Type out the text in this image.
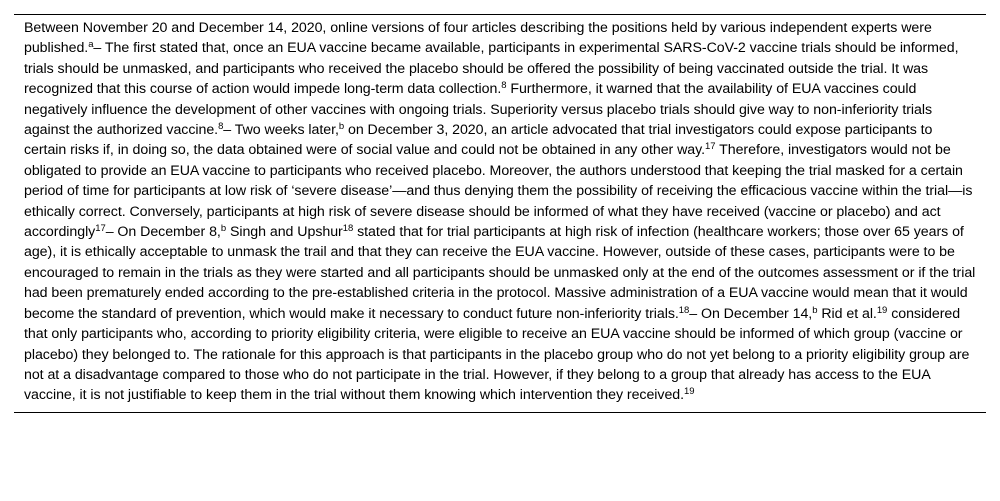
Between November 20 and December 14, 2020, online versions of four articles describing the positions held by various independent experts were published.$^a$– The first stated that, once an EUA vaccine became available, participants in experimental SARS-CoV-2 vaccine trials should be informed, trials should be unmasked, and participants who received the placebo should be offered the possibility of being vaccinated outside the trial. It was recognized that this course of action would impede long-term data collection.$^8$ Furthermore, it warned that the availability of EUA vaccines could negatively influence the development of other vaccines with ongoing trials. Superiority versus placebo trials should give way to non-inferiority trials against the authorized vaccine.$^8$– Two weeks later,$^b$ on December 3, 2020, an article advocated that trial investigators could expose participants to certain risks if, in doing so, the data obtained were of social value and could not be obtained in any other way.$^{17}$ Therefore, investigators would not be obligated to provide an EUA vaccine to participants who received placebo. Moreover, the authors understood that keeping the trial masked for a certain period of time for participants at low risk of ‘severe disease’—and thus denying them the possibility of receiving the efficacious vaccine within the trial—is ethically correct. Conversely, participants at high risk of severe disease should be informed of what they have received (vaccine or placebo) and act accordingly$^{17}$– On December 8,$^b$ Singh and Upshur$^{18}$ stated that for trial participants at high risk of infection (healthcare workers; those over 65 years of age), it is ethically acceptable to unmask the trail and that they can receive the EUA vaccine. However, outside of these cases, participants were to be encouraged to remain in the trials as they were started and all participants should be unmasked only at the end of the outcomes assessment or if the trial had been prematurely ended according to the pre-established criteria in the protocol. Massive administration of a EUA vaccine would mean that it would become the standard of prevention, which would make it necessary to conduct future non-inferiority trials.$^{18}$– On December 14,$^b$ Rid et al.$^{19}$ considered that only participants who, according to priority eligibility criteria, were eligible to receive an EUA vaccine should be informed of which group (vaccine or placebo) they belonged to. The rationale for this approach is that participants in the placebo group who do not yet belong to a priority eligibility group are not at a disadvantage compared to those who do not participate in the trial. However, if they belong to a group that already has access to the EUA vaccine, it is not justifiable to keep them in the trial without them knowing which intervention they received.$^{19}$
